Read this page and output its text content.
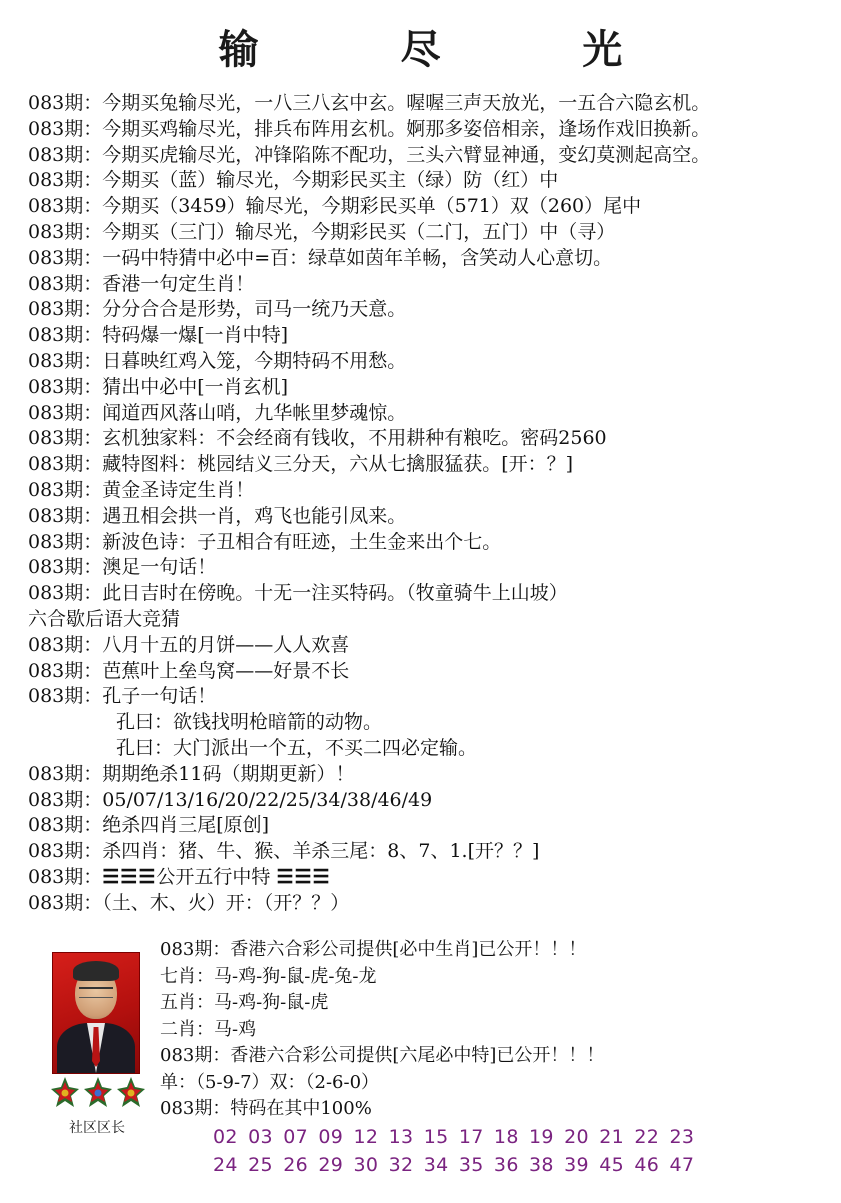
输 尽 光
083期：今期买兔输尽光，一八三八玄中玄。喔喔三声天放光，一五合六隐玄机。
083期：今期买鸡输尽光，排兵布阵用玄机。婀那多姿倍相亲，逢场作戏旧换新。
083期：今期买虎输尽光，冲锋陷陈不配功，三头六臂显神通，变幻莫测起高空。
083期：今期买（蓝）输尽光，今期彩民买主（绿）防（红）中
083期：今期买（3459）输尽光，今期彩民买单（571）双（260）尾中
083期：今期买（三门）输尽光，今期彩民买（二门，五门）中（寻）
083期：一码中特猜中必中=百：绿草如茵年羊畅，含笑动人心意切。
083期：香港一句定生肖！
083期：分分合合是形势，司马一统乃天意。
083期：特码爆一爆[一肖中特]
083期：日暮映红鸡入笼，今期特码不用愁。
083期：猜出中必中[一肖玄机]
083期：闻道西风落山哨，九华帐里梦魂惊。
083期：玄机独家料：不会经商有钱收，不用耕种有粮吃。密码2560
083期：藏特图料：桃园结义三分天，六从七擒服猛获。[开：？]
083期：黄金圣诗定生肖！
083期：遇丑相会拱一肖，鸡飞也能引凤来。
083期：新波色诗：子丑相合有旺迹，土生金来出个七。
083期：澳足一句话！
083期：此日吉时在傍晚。十无一注买特码。（牧童骑牛上山坡）
六合歇后语大竞猜
083期：八月十五的月饼——人人欢喜
083期：芭蕉叶上垒鸟窝——好景不长
083期：孔子一句话！
孔曰：欲钱找明枪暗箭的动物。
孔曰：大门派出一个五，不买二四必定输。
083期：期期绝杀11码（期期更新）！
083期：05/07/13/16/20/22/25/34/38/46/49
083期：绝杀四肖三尾[原创]
083期：杀四肖：猪、牛、猴、羊杀三尾：8、7、1.[开？？]
083期：☰☰☰公开五行中特 ☰☰☰
083期：（土、木、火）开：（开？？）
社区区长
083期：香港六合彩公司提供[必中生肖]已公开！！！
七肖：马-鸡-狗-鼠-虎-兔-龙
五肖：马-鸡-狗-鼠-虎
二肖：马-鸡
083期：香港六合彩公司提供[六尾必中特]已公开！！！
单：（5-9-7）双：（2-6-0）
083期：特码在其中100%
02 03 07 09 12 13 15 17 18 19 20 21 22 23
24 25 26 29 30 32 34 35 36 38 39 45 46 47
